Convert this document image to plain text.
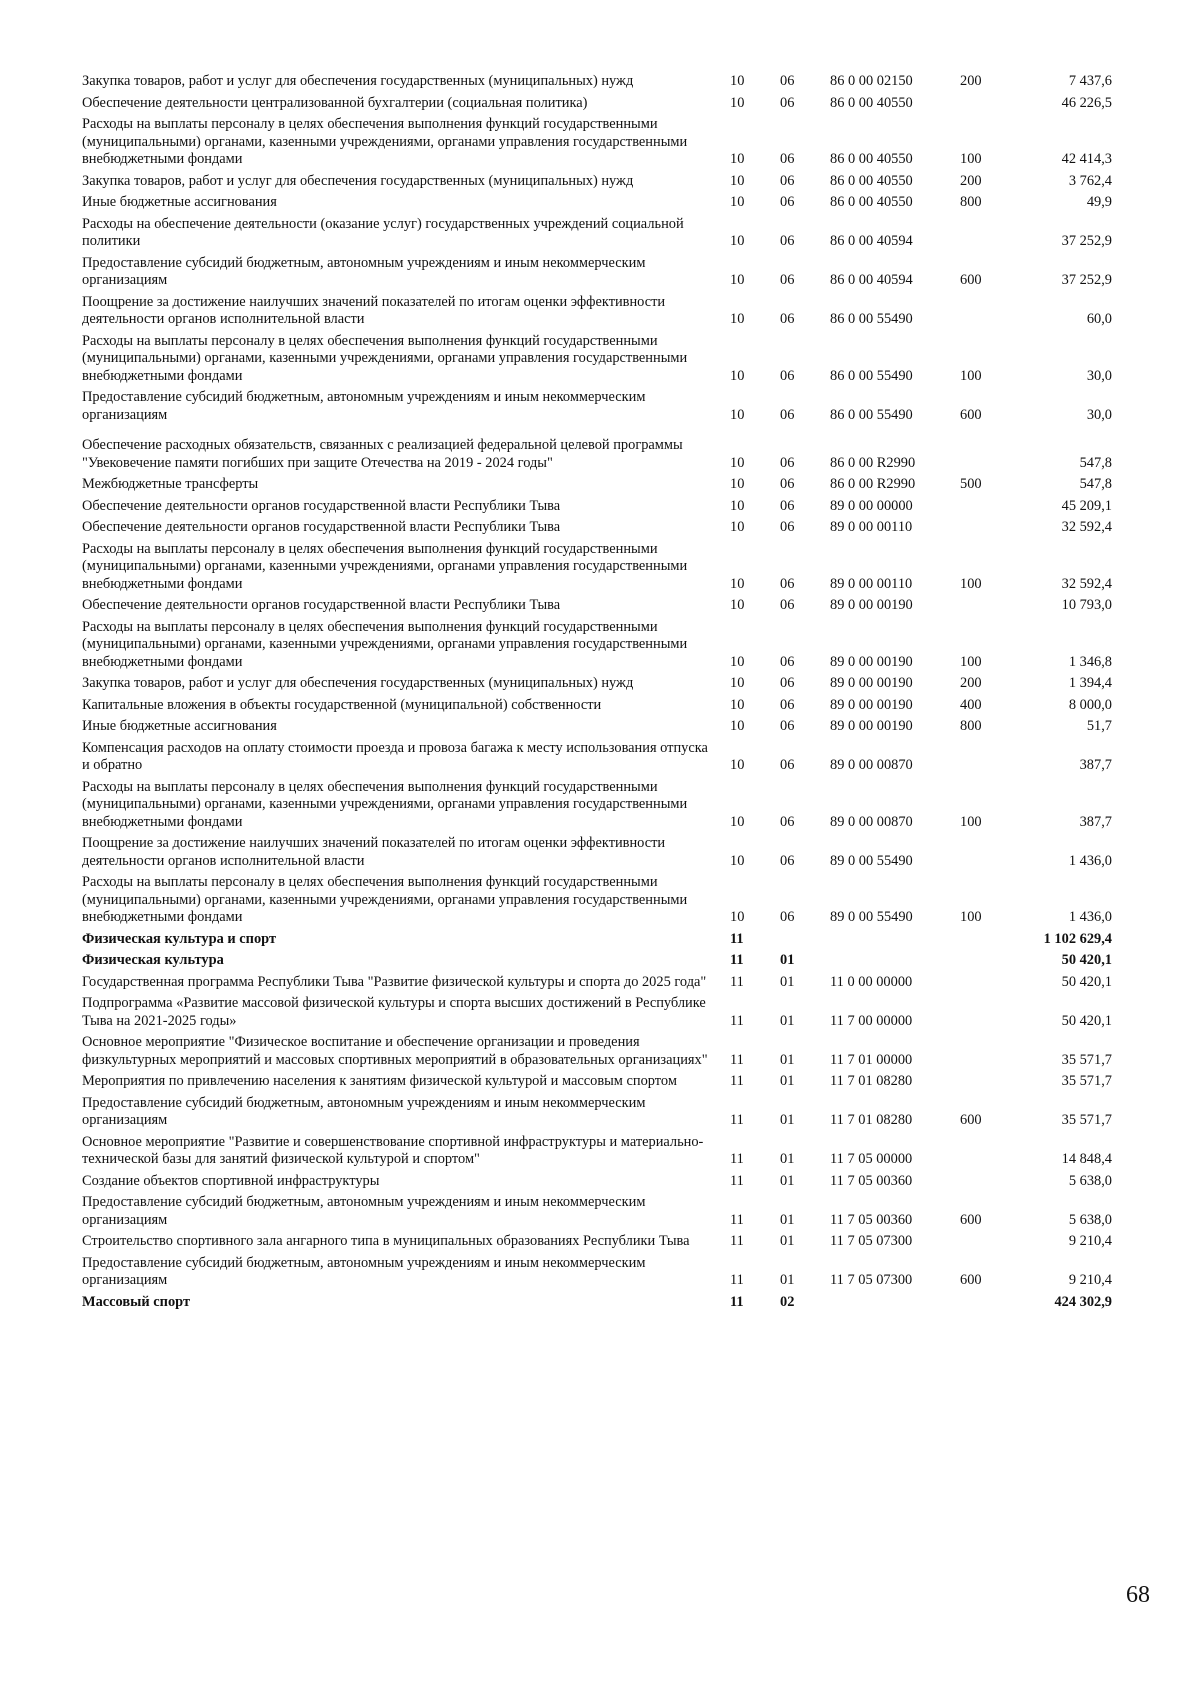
Закупка товаров, работ и услуг для обеспечения государственных (муниципальных) нужд	10	06	86 0 00 02150	200	7 437,6
Обеспечение деятельности централизованной бухгалтерии (социальная политика)	10	06	86 0 00 40550		46 226,5
Расходы на выплаты персоналу в целях обеспечения выполнения функций государственными (муниципальными) органами, казенными учреждениями, органами управления государственными внебюджетными фондами	10	06	86 0 00 40550	100	42 414,3
Закупка товаров, работ и услуг для обеспечения государственных (муниципальных) нужд	10	06	86 0 00 40550	200	3 762,4
Иные бюджетные ассигнования	10	06	86 0 00 40550	800	49,9
Расходы на обеспечение деятельности (оказание услуг) государственных учреждений социальной политики	10	06	86 0 00 40594		37 252,9
Предоставление субсидий бюджетным, автономным учреждениям и иным некоммерческим организациям	10	06	86 0 00 40594	600	37 252,9
Поощрение за достижение наилучших значений показателей по итогам оценки эффективности деятельности органов исполнительной власти	10	06	86 0 00 55490		60,0
Расходы на выплаты персоналу в целях обеспечения выполнения функций государственными (муниципальными) органами, казенными учреждениями, органами управления государственными внебюджетными фондами	10	06	86 0 00 55490	100	30,0
Предоставление субсидий бюджетным, автономным учреждениям и иным некоммерческим организациям	10	06	86 0 00 55490	600	30,0
Обеспечение расходных обязательств, связанных с реализацией федеральной целевой программы "Увековечение памяти погибших при защите Отечества на 2019 - 2024 годы"	10	06	86 0 00 R2990		547,8
Межбюджетные трансферты	10	06	86 0 00 R2990	500	547,8
Обеспечение деятельности органов государственной власти Республики Тыва	10	06	89 0 00 00000		45 209,1
Обеспечение деятельности органов государственной власти Республики Тыва	10	06	89 0 00 00110		32 592,4
Расходы на выплаты персоналу в целях обеспечения выполнения функций государственными (муниципальными) органами, казенными учреждениями, органами управления государственными внебюджетными фондами	10	06	89 0 00 00110	100	32 592,4
Обеспечение деятельности органов государственной власти Республики Тыва	10	06	89 0 00 00190		10 793,0
Расходы на выплаты персоналу в целях обеспечения выполнения функций государственными (муниципальными) органами, казенными учреждениями, органами управления государственными внебюджетными фондами	10	06	89 0 00 00190	100	1 346,8
Закупка товаров, работ и услуг для обеспечения государственных (муниципальных) нужд	10	06	89 0 00 00190	200	1 394,4
Капитальные вложения в объекты государственной (муниципальной) собственности	10	06	89 0 00 00190	400	8 000,0
Иные бюджетные ассигнования	10	06	89 0 00 00190	800	51,7
Компенсация расходов на оплату стоимости проезда и провоза багажа к месту использования отпуска и обратно	10	06	89 0 00 00870		387,7
Расходы на выплаты персоналу в целях обеспечения выполнения функций государственными (муниципальными) органами, казенными учреждениями, органами управления государственными внебюджетными фондами	10	06	89 0 00 00870	100	387,7
Поощрение за достижение наилучших значений показателей по итогам оценки эффективности деятельности органов исполнительной власти	10	06	89 0 00 55490		1 436,0
Расходы на выплаты персоналу в целях обеспечения выполнения функций государственными (муниципальными) органами, казенными учреждениями, органами управления государственными внебюджетными фондами	10	06	89 0 00 55490	100	1 436,0
Физическая культура и спорт	11				1 102 629,4
Физическая культура	11	01			50 420,1
Государственная программа Республики Тыва "Развитие физической культуры и спорта до 2025 года"	11	01	11 0 00 00000		50 420,1
Подпрограмма «Развитие массовой физической культуры и спорта высших достижений в Республике Тыва на 2021-2025 годы»	11	01	11 7 00 00000		50 420,1
Основное мероприятие "Физическое воспитание и обеспечение организации и проведения физкультурных мероприятий и массовых спортивных мероприятий в образовательных организациях"	11	01	11 7 01 00000		35 571,7
Мероприятия по привлечению населения к занятиям физической культурой и массовым спортом	11	01	11 7 01 08280		35 571,7
Предоставление субсидий бюджетным, автономным учреждениям и иным некоммерческим организациям	11	01	11 7 01 08280	600	35 571,7
Основное мероприятие "Развитие и совершенствование спортивной инфраструктуры и материально-технической базы для занятий физической культурой и спортом"	11	01	11 7 05 00000		14 848,4
Создание объектов спортивной инфраструктуры	11	01	11 7 05 00360		5 638,0
Предоставление субсидий бюджетным, автономным учреждениям и иным некоммерческим организациям	11	01	11 7 05 00360	600	5 638,0
Строительство спортивного зала ангарного типа в муниципальных образованиях Республики Тыва	11	01	11 7 05 07300		9 210,4
Предоставление субсидий бюджетным, автономным учреждениям и иным некоммерческим организациям	11	01	11 7 05 07300	600	9 210,4
Массовый спорт	11	02			424 302,9
68
